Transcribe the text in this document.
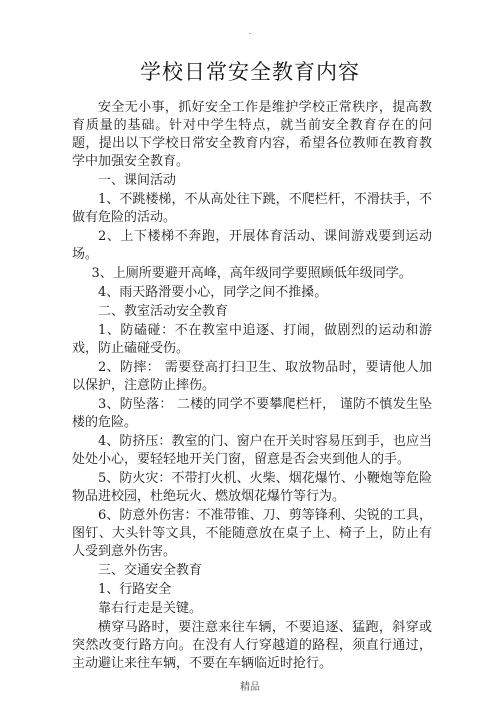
.
学校日常安全教育内容

安全无小事，抓好安全工作是维护学校正常秩序，提高教育质量的基础。针对中学生特点，就当前安全教育存在的问题，提出以下学校日常安全教育内容，希望各位教师在教育教学中加强安全教育。

一、课间活动

1、不跳楼梯，不从高处往下跳，不爬栏杆，不滑扶手，不做有危险的活动。

2、上下楼梯不奔跑，开展体育活动、课间游戏要到运动场。

3、上厕所要避开高峰，高年级同学要照顾低年级同学。

4、雨天路滑要小心，同学之间不推搡。

二、教室活动安全教育

1、防磕碰：不在教室中追逐、打闹，做剧烈的运动和游戏，防止磕碰受伤。

2、防摔： 需要登高打扫卫生、取放物品时，要请他人加以保护，注意防止摔伤。

3、防坠落： 二楼的同学不要攀爬栏杆， 谨防不慎发生坠楼的危险。

4、防挤压：教室的门、窗户在开关时容易压到手，也应当处处小心，要轻轻地开关门窗，留意是否会夹到他人的手。

5、防火灾：不带打火机、火柴、烟花爆竹、小鞭炮等危险物品进校园，杜绝玩火、燃放烟花爆竹等行为。

6、防意外伤害：不准带锥、刀、剪等锋利、尖锐的工具，图钉、大头针等文具，不能随意放在桌子上、椅子上，防止有人受到意外伤害。

三、交通安全教育

1、行路安全

靠右行走是关键。

横穿马路时，要注意来往车辆，不要追逐、猛跑，斜穿或突然改变行路方向。在没有人行穿越道的路程，须直行通过，主动避让来往车辆，不要在车辆临近时抢行。

精品
